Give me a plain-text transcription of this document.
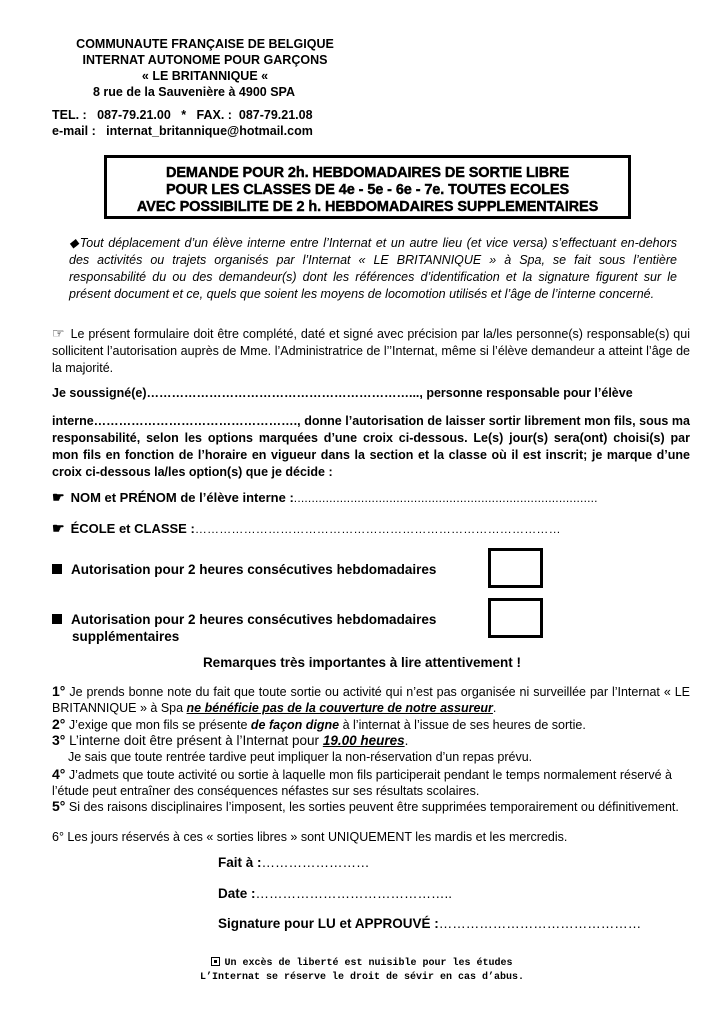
COMMUNAUTE FRANÇAISE DE BELGIQUE
INTERNAT AUTONOME POUR GARÇONS
« LE BRITANNIQUE «
8 rue de la Sauvenière à 4900 SPA
TEL. :   087-79.21.00   *   FAX. :  087-79.21.08
e-mail :   internat_britannique@hotmail.com
DEMANDE POUR 2h. HEBDOMADAIRES DE SORTIE LIBRE
POUR LES CLASSES DE 4e - 5e - 6e - 7e. TOUTES ECOLES
AVEC POSSIBILITE DE 2 h. HEBDOMADAIRES SUPPLEMENTAIRES
◆Tout déplacement d’un élève interne entre l’Internat et un autre lieu (et vice versa) s’effectuant en-dehors des activités ou trajets organisés par l’Internat « LE BRITANNIQUE » à Spa, se fait sous l’entière responsabilité du ou des demandeur(s) dont les références d’identification et la signature figurent sur le présent document et ce, quels que soient les moyens de locomotion utilisés et l’âge de l’interne concerné.
☞ Le présent formulaire doit être complété, daté et signé avec précision par la/les personne(s) responsable(s) qui sollicitent l’autorisation auprès de Mme. l’Administratrice de l’’Internat, même si l’élève demandeur a atteint l’âge de la majorité.
Je soussigné(e)………………………………………………………..., personne responsable pour l’élève
interne…………………………………………., donne l’autorisation de laisser sortir librement mon fils, sous ma responsabilité, selon les options marquées d’une croix ci-dessous. Le(s) jour(s) sera(ont) choisi(s) par mon fils en fonction de l’horaire en vigueur dans la section et la classe où il est inscrit; je marque d’une croix ci-dessous la/les option(s) que je décide :
☛ NOM et PRÉNOM de l’élève interne :......................................................................................
☛ ÉCOLE et CLASSE :………………………………………………………………………………
Autorisation pour 2 heures consécutives hebdomadaires
Autorisation pour 2 heures consécutives hebdomadaires
supplémentaires
Remarques très importantes à lire attentivement !
1° Je prends bonne note du fait que toute sortie ou activité qui n’est pas organisée ni surveillée par l’Internat « LE BRITANNIQUE » à Spa ne bénéficie pas de la couverture de notre assureur.
2° J’exige que mon fils se présente de façon digne à l’internat à l’issue de ses heures de sortie.
3° L’interne doit être présent à l’Internat pour 19.00 heures.
Je sais que toute rentrée tardive peut impliquer la non-réservation d’un repas prévu.
4° J’admets que toute activité ou sortie à laquelle mon fils participerait pendant le temps normalement réservé à l’étude peut entraîner des conséquences néfastes sur ses résultats scolaires.
5° Si des raisons disciplinaires l’imposent, les sorties peuvent être supprimées temporairement ou définitivement.
6° Les jours réservés à ces « sorties libres » sont UNIQUEMENT les mardis et les mercredis.
Fait à :……………………
Date :……………………………………..
Signature pour LU et APPROUVÉ :………………………………………
Un excès de liberté est nuisible pour les études
L’Internat se réserve le droit de sévir en cas d’abus.
